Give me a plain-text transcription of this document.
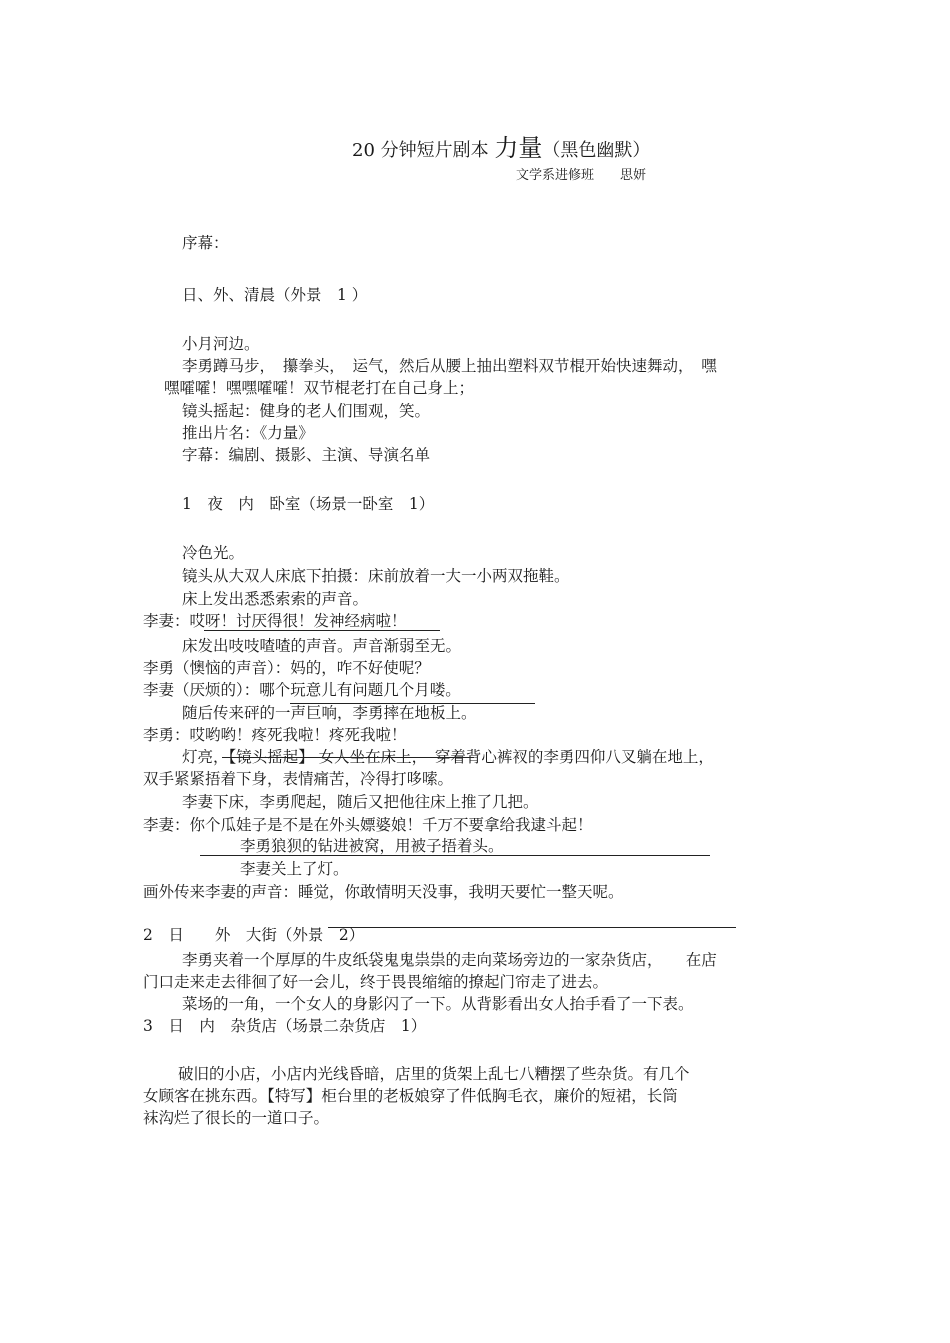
20 分钟短片剧本 力量（黑色幽默）
文学系进修班　　思妍
序幕：
日、外、清晨（外景　1 ）
小月河边。
李勇蹲马步，　攥拳头，　运气，然后从腰上抽出塑料双节棍开始快速舞动，　嘿
嘿嚯嚯！嘿嘿嚯嚯！双节棍老打在自己身上；
镜头摇起：健身的老人们围观，笑。
推出片名：《力量》
字幕：编剧、摄影、主演、导演名单
1　夜　内　卧室（场景一卧室　1）
冷色光。
镜头从大双人床底下拍摄：床前放着一大一小两双拖鞋。
床上发出悉悉索索的声音。
李妻：哎呀！讨厌得很！发神经病啦！
床发出吱吱喳喳的声音。声音渐弱至无。
李勇（懊恼的声音）：妈的，咋不好使呢？
李妻（厌烦的）：哪个玩意儿有问题几个月喽。
随后传来砰的一声巨响，李勇摔在地板上。
李勇：哎哟哟！疼死我啦！疼死我啦！
灯亮，【镜头摇起】 女人坐在床上，　穿着背心裤衩的李勇四仰八叉躺在地上，
双手紧紧捂着下身，表情痛苦，冷得打哆嗦。
李妻下床，李勇爬起，随后又把他往床上推了几把。
李妻：你个瓜娃子是不是在外头嫖婆娘！千万不要拿给我逮斗起！
李勇狼狈的钻进被窝，用被子捂着头。
李妻关上了灯。
画外传来李妻的声音：睡觉，你敢情明天没事，我明天要忙一整天呢。
2　日　　外　大街（外景　2）
李勇夹着一个厚厚的牛皮纸袋鬼鬼祟祟的走向菜场旁边的一家杂货店，　　在店
门口走来走去徘徊了好一会儿，终于畏畏缩缩的撩起门帘走了进去。
菜场的一角，一个女人的身影闪了一下。从背影看出女人抬手看了一下表。
3　日　内　杂货店（场景二杂货店　1）
破旧的小店，小店内光线昏暗，店里的货架上乱七八糟摆了些杂货。有几个
女顾客在挑东西。【特写】柜台里的老板娘穿了件低胸毛衣，廉价的短裙，长筒
袜沟烂了很长的一道口子。
